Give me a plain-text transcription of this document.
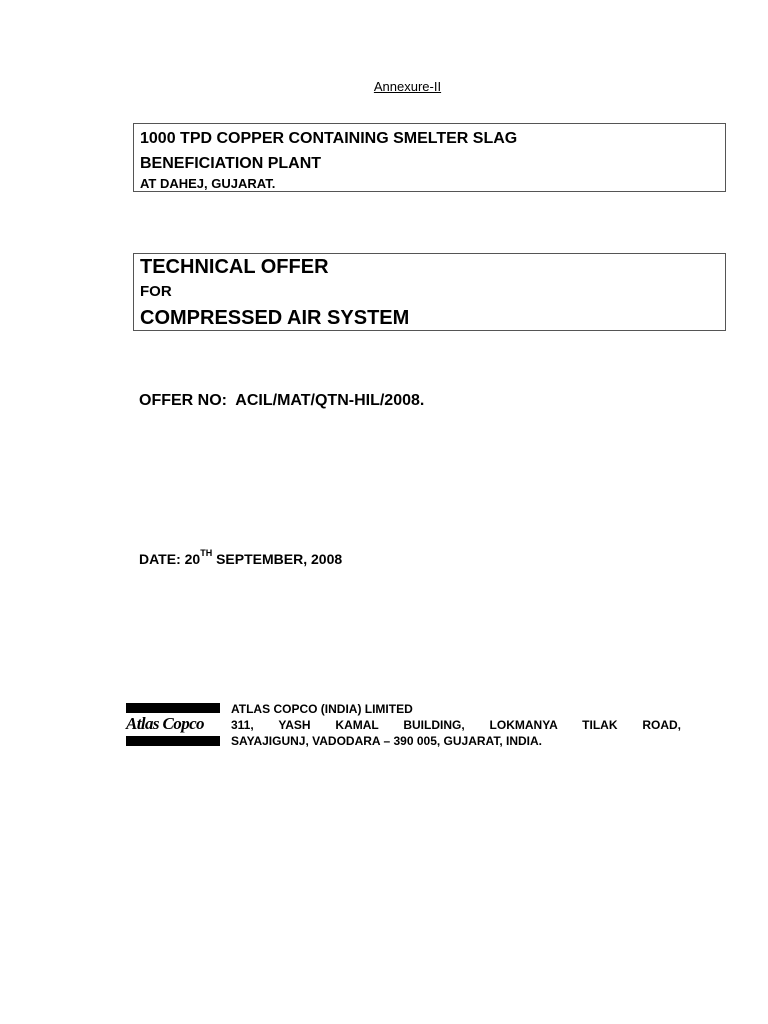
Annexure-II
1000 TPD COPPER CONTAINING SMELTER SLAG
BENEFICIATION PLANT
AT DAHEJ, GUJARAT.
TECHNICAL OFFER
FOR
COMPRESSED AIR SYSTEM
OFFER NO:  ACIL/MAT/QTN-HIL/2008.
DATE: 20TH SEPTEMBER, 2008
Atlas Copco
ATLAS COPCO (INDIA) LIMITED
311, YASH KAMAL BUILDING, LOKMANYA TILAK ROAD,
SAYAJIGUNJ, VADODARA – 390 005, GUJARAT, INDIA.
